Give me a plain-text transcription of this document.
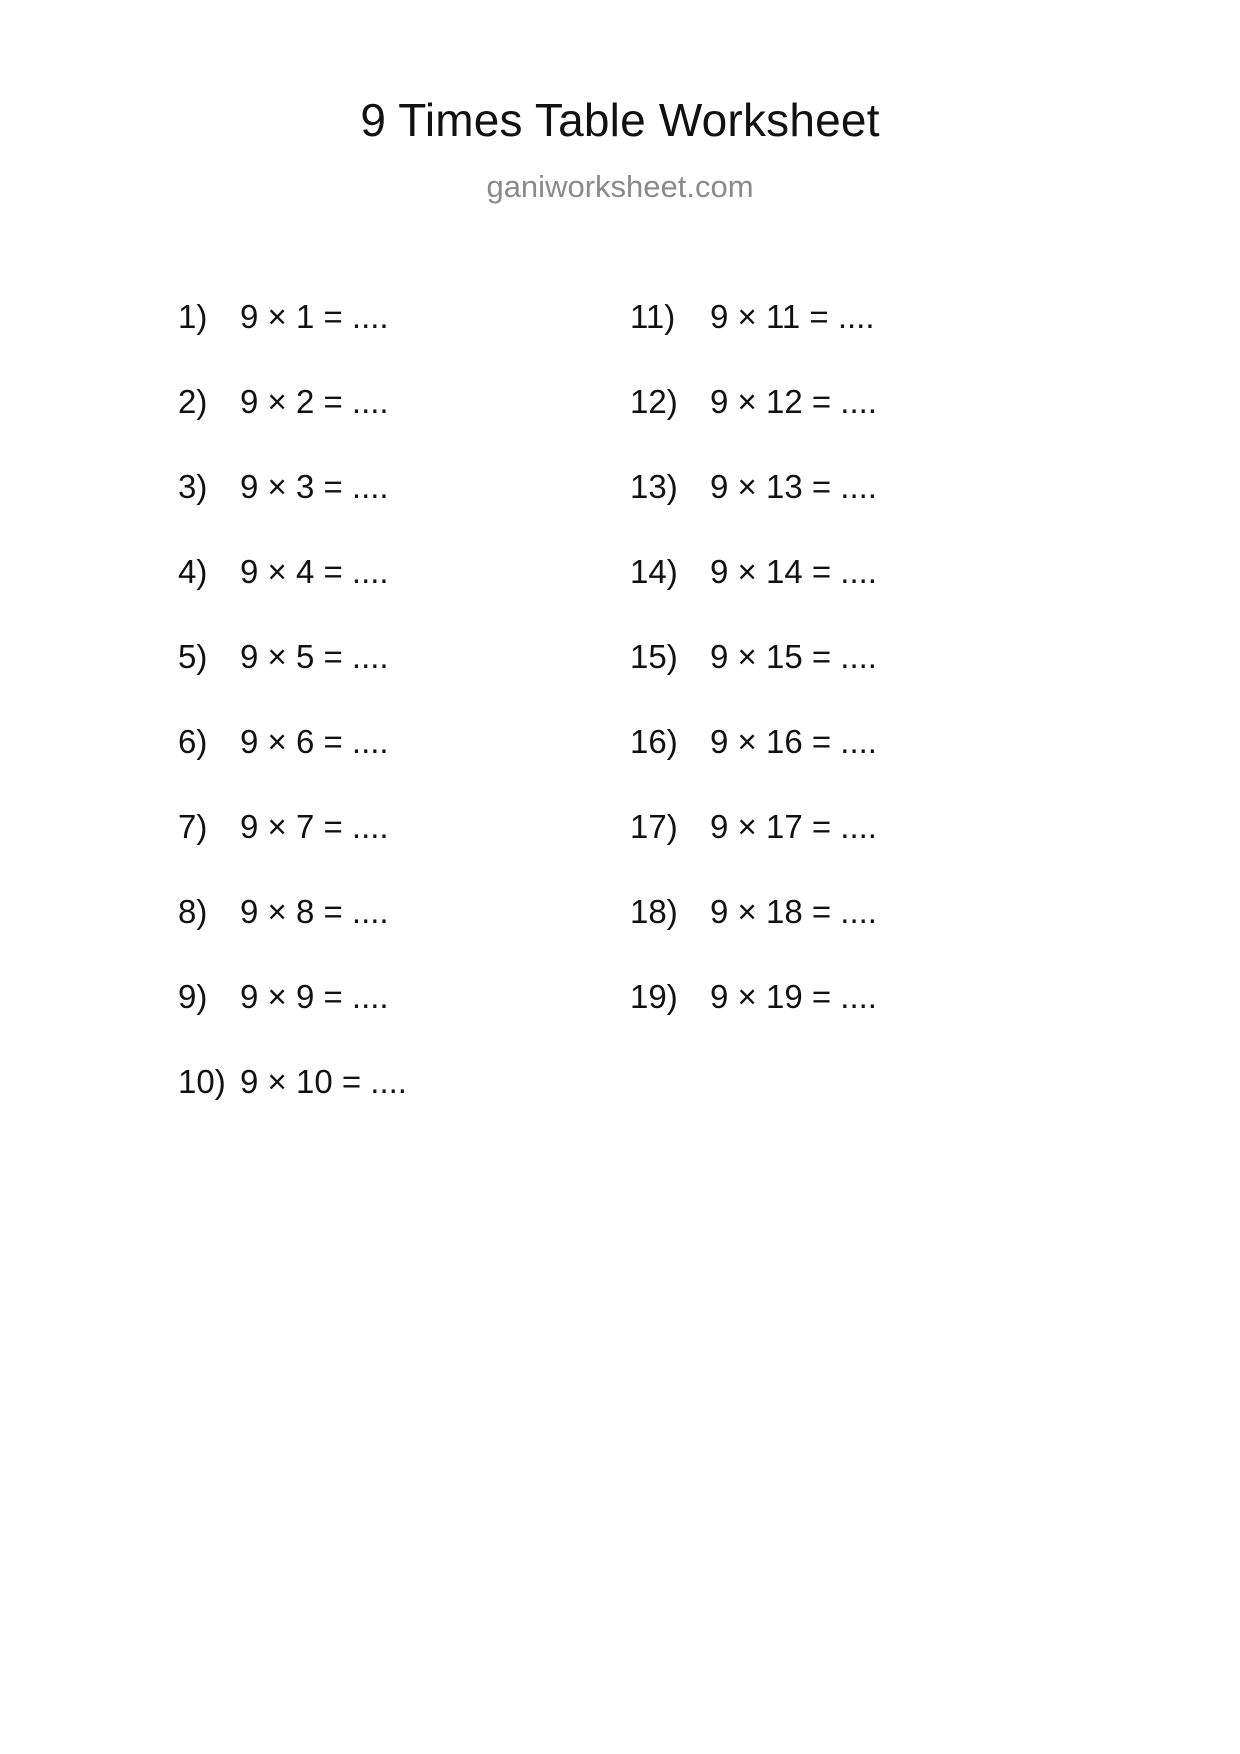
9 Times Table Worksheet
ganiworksheet.com
1) 9 × 1 = ....
2) 9 × 2 = ....
3) 9 × 3 = ....
4) 9 × 4 = ....
5) 9 × 5 = ....
6) 9 × 6 = ....
7) 9 × 7 = ....
8) 9 × 8 = ....
9) 9 × 9 = ....
10) 9 × 10 = ....
11)	9 × 11 = ....
12) 9 × 12 = ....
13) 9 × 13 = ....
14) 9 × 14 = ....
15) 9 × 15 = ....
16) 9 × 16 = ....
17) 9 × 17 = ....
18) 9 × 18 = ....
19) 9 × 19 = ....
